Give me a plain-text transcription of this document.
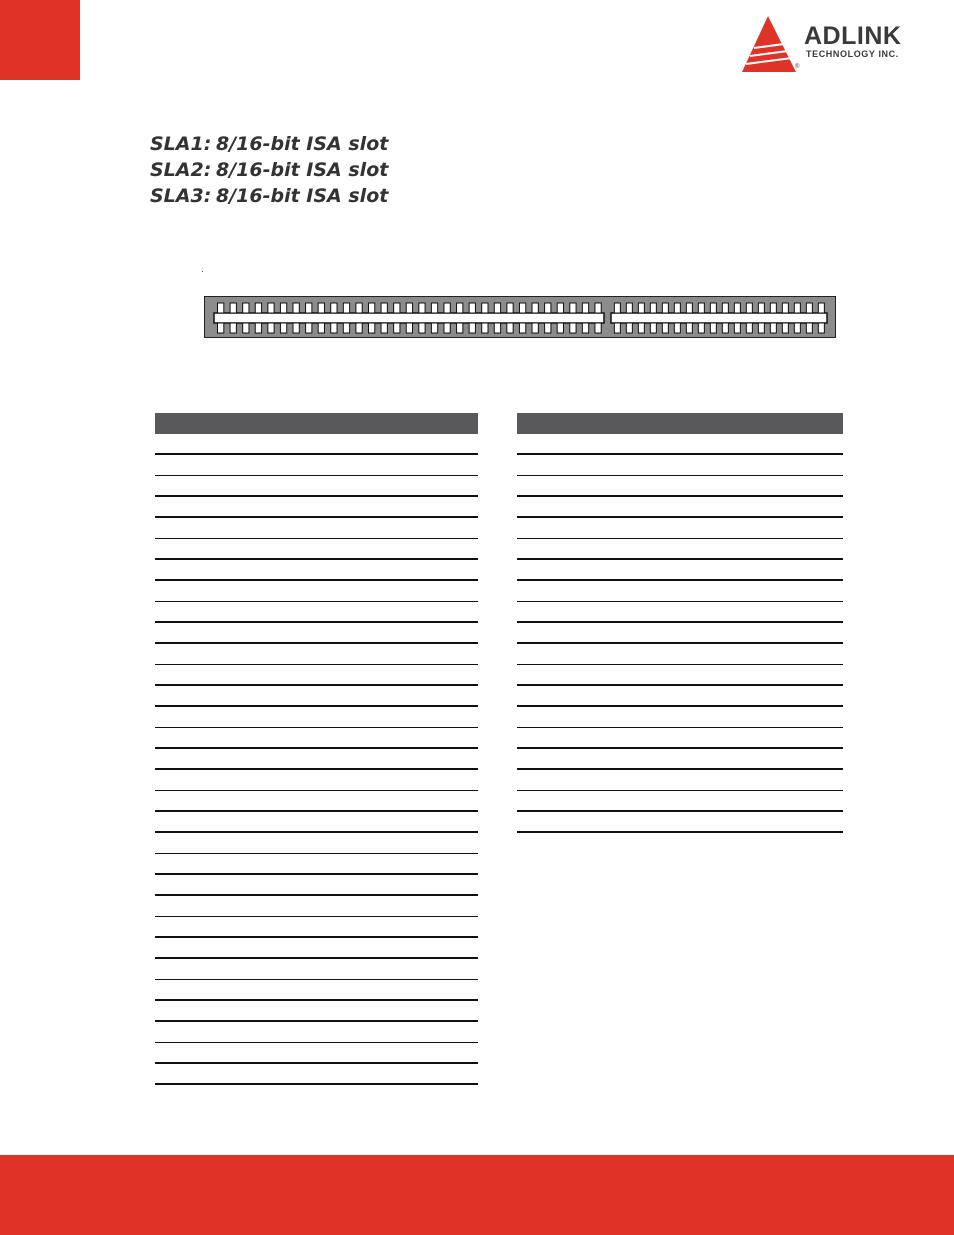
ADLINK
TECHNOLOGY INC.
®
SLA1: 8/16-bit ISA slot
SLA2: 8/16-bit ISA slot
SLA3: 8/16-bit ISA slot
